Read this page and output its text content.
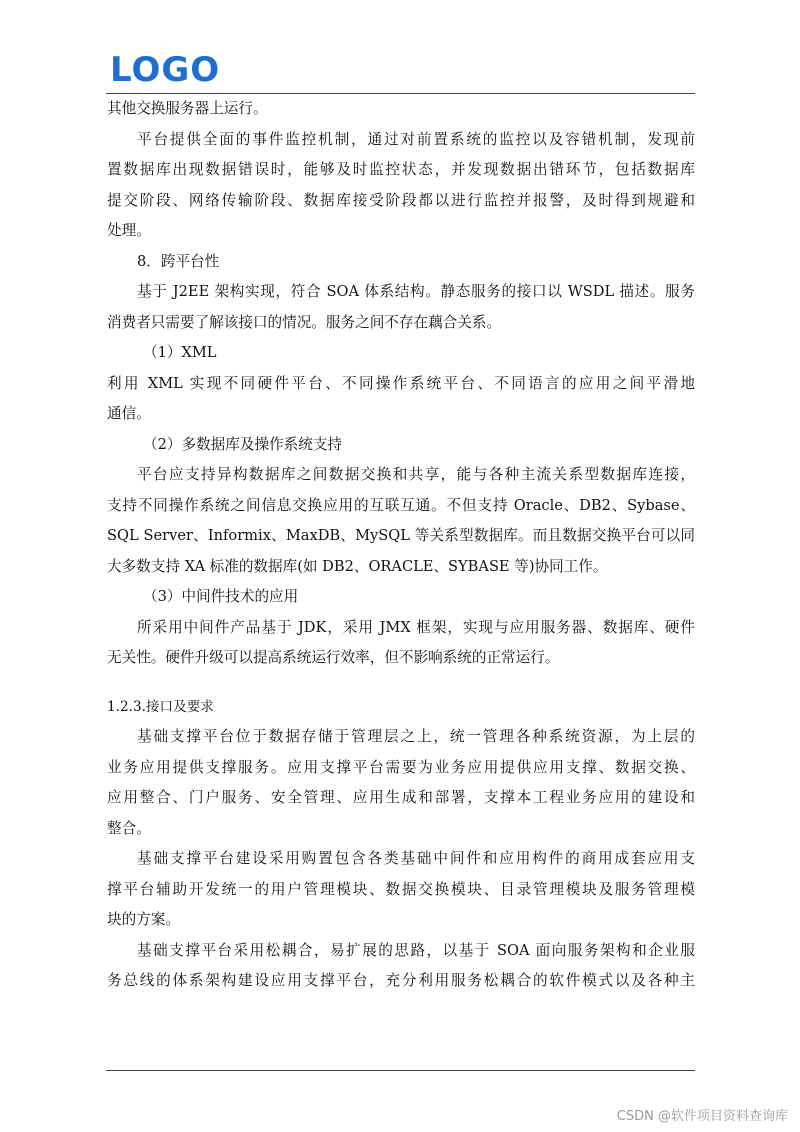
LOGO
其他交换服务器上运行。
平台提供全面的事件监控机制，通过对前置系统的监控以及容错机制，发现前
置数据库出现数据错误时，能够及时监控状态，并发现数据出错环节，包括数据库
提交阶段、网络传输阶段、数据库接受阶段都以进行监控并报警，及时得到规避和
处理。
8．跨平台性
基于 J2EE 架构实现，符合 SOA 体系结构。静态服务的接口以 WSDL 描述。服务
消费者只需要了解该接口的情况。服务之间不存在藕合关系。
（1）XML
利用 XML 实现不同硬件平台、不同操作系统平台、不同语言的应用之间平滑地
通信。
（2）多数据库及操作系统支持
平台应支持异构数据库之间数据交换和共享，能与各种主流关系型数据库连接，
支持不同操作系统之间信息交换应用的互联互通。不但支持 Oracle、DB2、Sybase、
SQL Server、Informix、MaxDB、MySQL 等关系型数据库。而且数据交换平台可以同
大多数支持 XA 标准的数据库(如 DB2、ORACLE、SYBASE 等)协同工作。
（3）中间件技术的应用
所采用中间件产品基于 JDK，采用 JMX 框架，实现与应用服务器、数据库、硬件
无关性。硬件升级可以提高系统运行效率，但不影响系统的正常运行。
1.2.3.接口及要求
基础支撑平台位于数据存储于管理层之上，统一管理各种系统资源，为上层的
业务应用提供支撑服务。应用支撑平台需要为业务应用提供应用支撑、数据交换、
应用整合、门户服务、安全管理、应用生成和部署，支撑本工程业务应用的建设和
整合。
基础支撑平台建设采用购置包含各类基础中间件和应用构件的商用成套应用支
撑平台辅助开发统一的用户管理模块、数据交换模块、目录管理模块及服务管理模
块的方案。
基础支撑平台采用松耦合，易扩展的思路，以基于 SOA 面向服务架构和企业服
务总线的体系架构建设应用支撑平台，充分利用服务松耦合的软件模式以及各种主
CSDN @软件项目资料查询库
